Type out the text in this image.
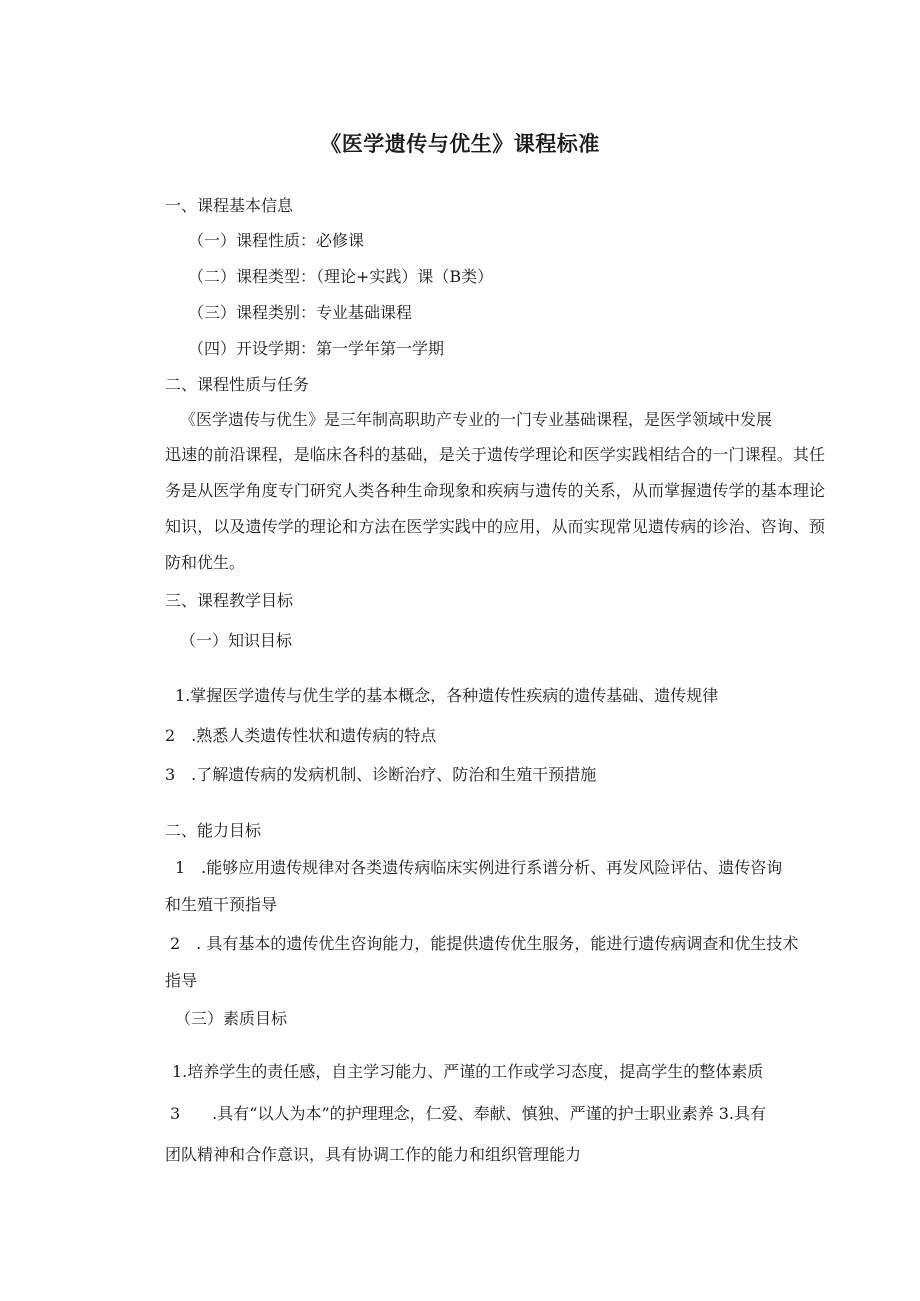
《医学遗传与优生》课程标准
一、课程基本信息
（一）课程性质：必修课
（二）课程类型：（理论+实践）课（B类）
（三）课程类别：专业基础课程
（四）开设学期：第一学年第一学期
二、课程性质与任务
《医学遗传与优生》是三年制高职助产专业的一门专业基础课程，是医学领域中发展
迅速的前沿课程，是临床各科的基础，是关于遗传学理论和医学实践相结合的一门课程。其任务是从医学角度专门研究人类各种生命现象和疾病与遗传的关系，从而掌握遗传学的基本理论知识，以及遗传学的理论和方法在医学实践中的应用，从而实现常见遗传病的诊治、咨询、预防和优生。
三、课程教学目标
（一）知识目标
1.掌握医学遗传与优生学的基本概念，各种遗传性疾病的遗传基础、遗传规律
2　.熟悉人类遗传性状和遗传病的特点
3　.了解遗传病的发病机制、诊断治疗、防治和生殖干预措施
二、能力目标
1　.能够应用遗传规律对各类遗传病临床实例进行系谱分析、再发风险评估、遗传咨询
和生殖干预指导
2　. 具有基本的遗传优生咨询能力，能提供遗传优生服务，能进行遗传病调查和优生技术
指导
（三）素质目标
1.培养学生的责任感，自主学习能力、严谨的工作或学习态度，提高学生的整体素质
3　　.具有“以人为本”的护理理念，仁爱、奉献、慎独、严谨的护士职业素养 3.具有
团队精神和合作意识，具有协调工作的能力和组织管理能力
